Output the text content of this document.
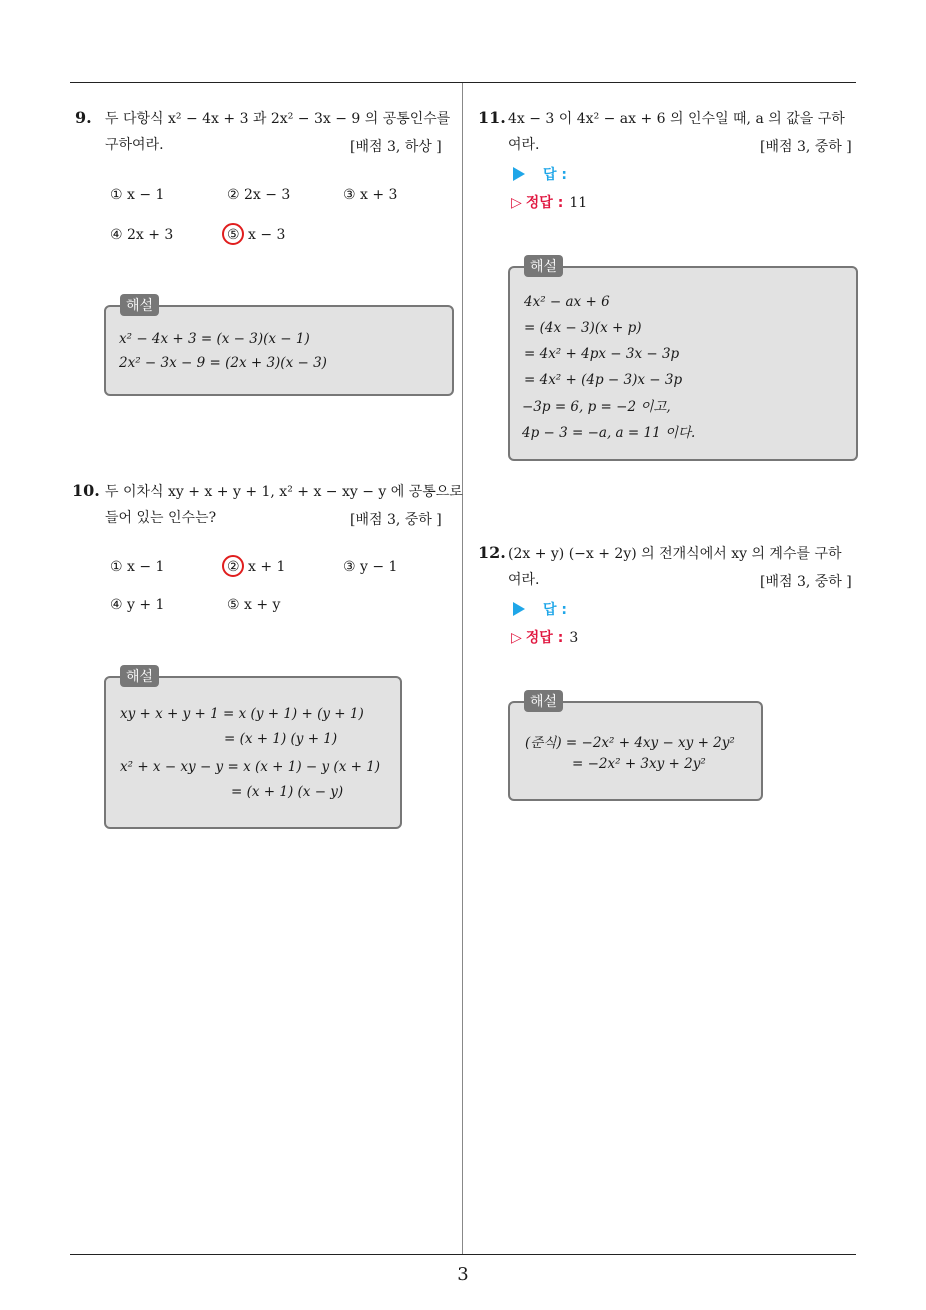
3
9. 두 다항식 x² − 4x + 3 과 2x² − 3x − 9 의 공통인수를
구하여라.	[배점 3, 하상 ]
① x − 1	② 2x − 3	③ x + 3
④ 2x + 3	⑤ x − 3
해설
x² − 4x + 3 = (x − 3)(x − 1)
2x² − 3x − 9 = (2x + 3)(x − 3)
10. 두 이차식 xy + x + y + 1, x² + x − xy − y 에 공통으로
들어 있는 인수는?	[배점 3, 중하 ]
① x − 1	② x + 1	③ y − 1
④ y + 1	⑤ x + y
해설
xy + x + y + 1 = x (y + 1) + (y + 1)
= (x + 1) (y + 1)
x² + x − xy − y = x (x + 1) − y (x + 1)
= (x + 1) (x − y)
11. 4x − 3 이 4x² − ax + 6 의 인수일 때, a 의 값을 구하
여라.	[배점 3, 중하 ]
답 :
▷ 정답 : 11
해설
4x² − ax + 6
= (4x − 3)(x + p)
= 4x² + 4px − 3x − 3p
= 4x² + (4p − 3)x − 3p
−3p = 6, p = −2 이고,
4p − 3 = −a, a = 11 이다.
12. (2x + y) (−x + 2y) 의 전개식에서 xy 의 계수를 구하
여라.	[배점 3, 중하 ]
답 :
▷ 정답 : 3
해설
(준식) = −2x² + 4xy − xy + 2y²
= −2x² + 3xy + 2y²
